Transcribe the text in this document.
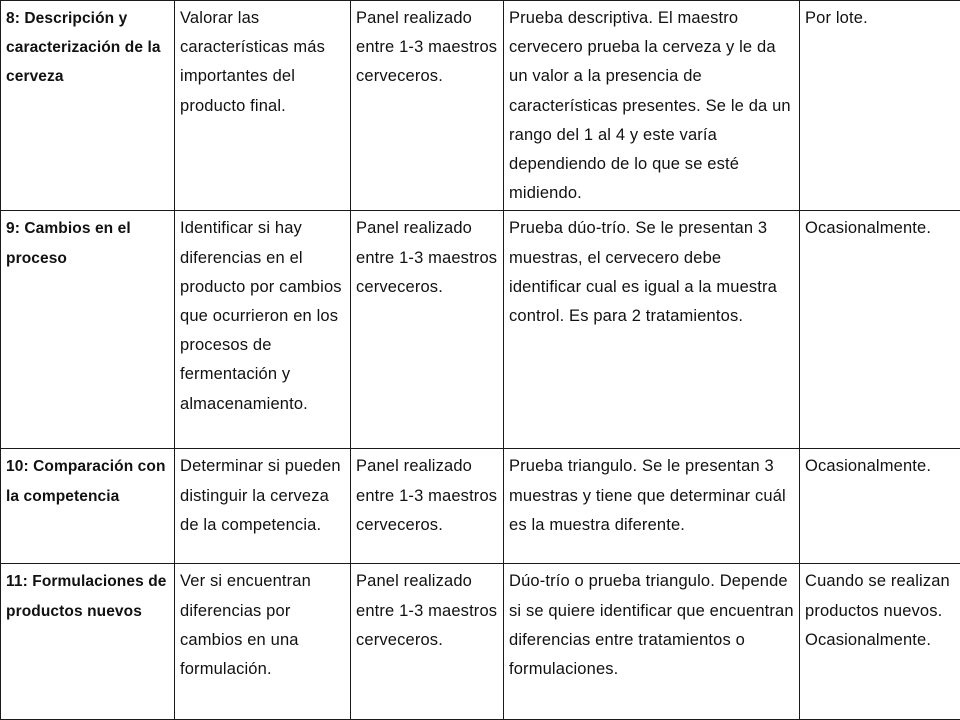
8: Descripción y caracterización de la cerveza	Valorar las características más importantes del producto final.	Panel realizado entre 1-3 maestros cerveceros.	Prueba descriptiva. El maestro cervecero prueba la cerveza y le da un valor a la presencia de características presentes. Se le da un rango del 1 al 4 y este varía dependiendo de lo que se esté midiendo.	Por lote.

9: Cambios en el proceso	Identificar si hay diferencias en el producto por cambios que ocurrieron en los procesos de fermentación y almacenamiento.	Panel realizado entre 1-3 maestros cerveceros.	Prueba dúo-trío. Se le presentan 3 muestras, el cervecero debe identificar cual es igual a la muestra control. Es para 2 tratamientos.	Ocasionalmente.

10: Comparación con la competencia	Determinar si pueden distinguir la cerveza de la competencia.	Panel realizado entre 1-3 maestros cerveceros.	Prueba triangulo. Se le presentan 3 muestras y tiene que determinar cuál es la muestra diferente.	Ocasionalmente.

11: Formulaciones de productos nuevos	Ver si encuentran diferencias por cambios en una formulación.	Panel realizado entre 1-3 maestros cerveceros.	Dúo-trío o prueba triangulo. Depende si se quiere identificar que encuentran diferencias entre tratamientos o formulaciones.	Cuando se realizan productos nuevos. Ocasionalmente.
